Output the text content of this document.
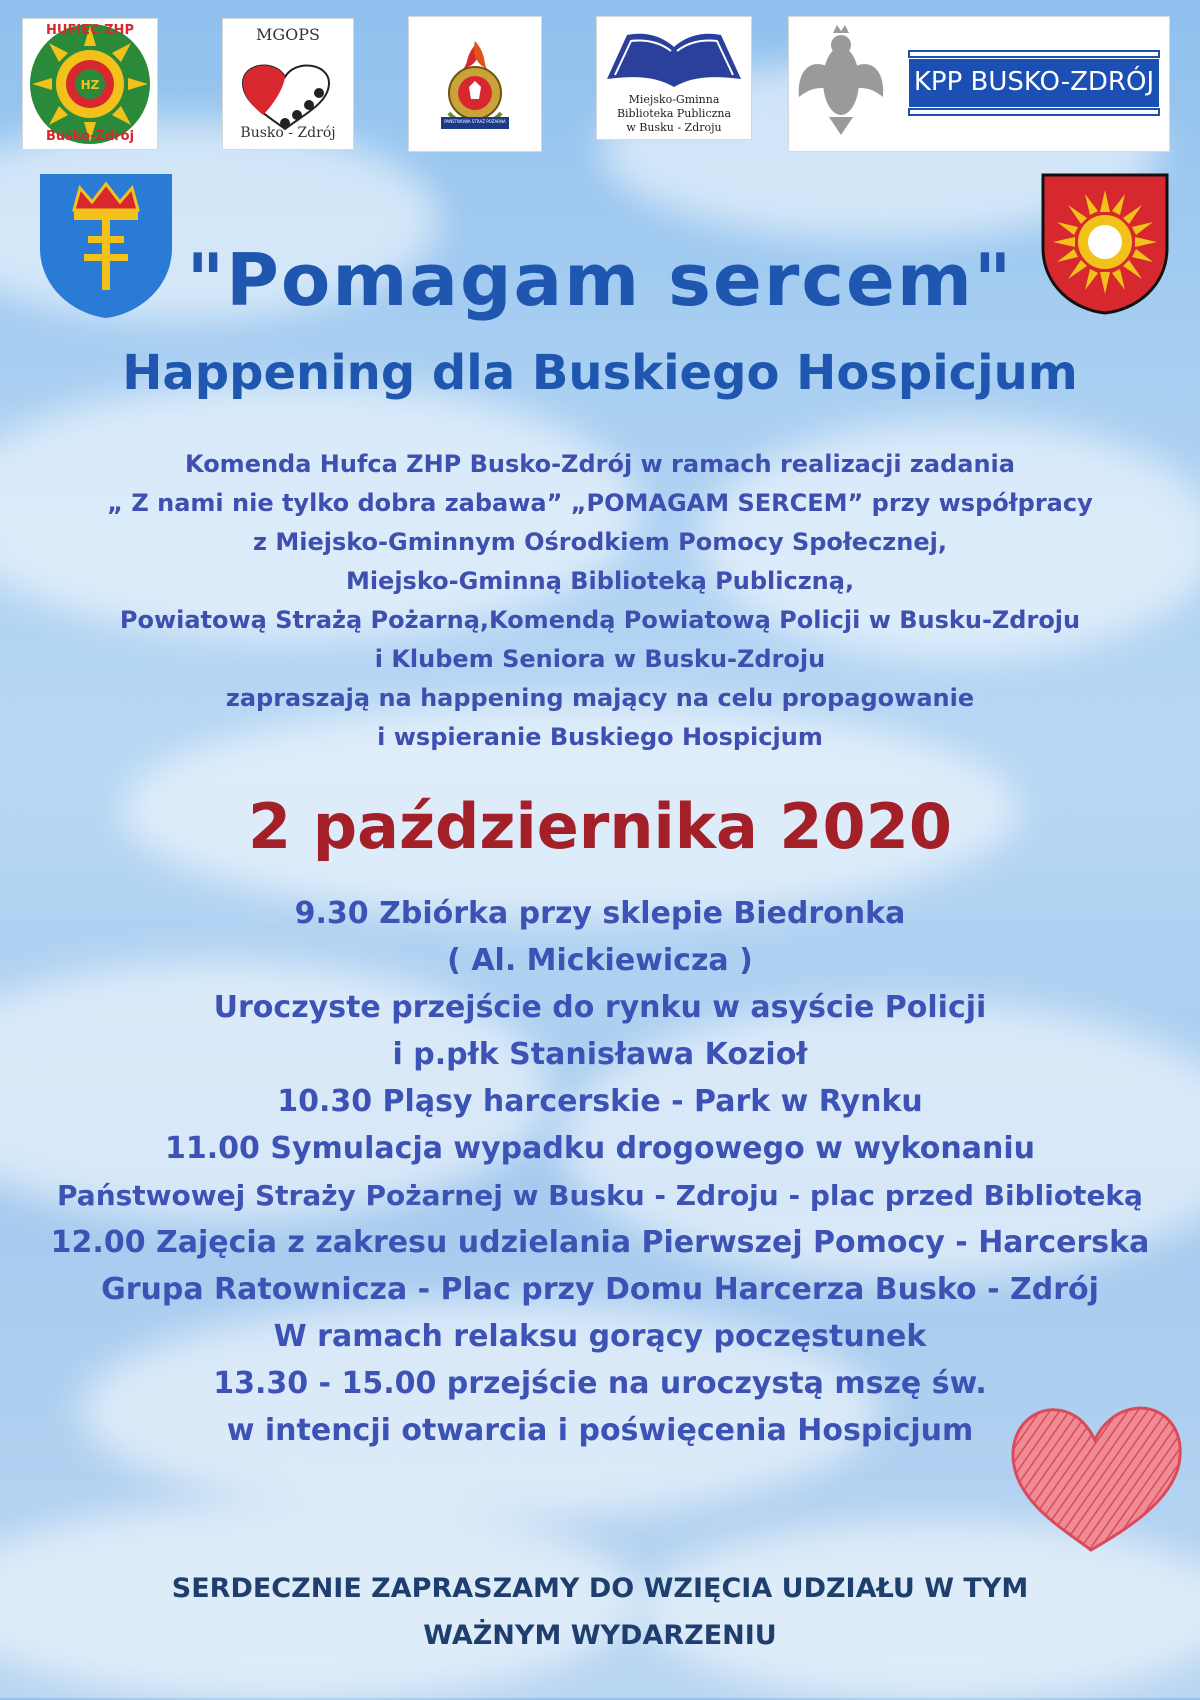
HZ
HUFIEC ZHP
Busko-Zdrój
MGOPS
Busko - Zdrój
PAŃSTWOWA STRAŻ POŻARNA
Miejsko-Gminna
Biblioteka Publiczna
w Busku - Zdroju
KPP BUSKO-ZDRÓJ
"Pomagam sercem"
Happening dla Buskiego Hospicjum
Komenda Hufca ZHP Busko-Zdrój w ramach realizacji zadania
„ Z nami nie tylko dobra zabawa” „POMAGAM SERCEM” przy współpracy
z Miejsko-Gminnym Ośrodkiem Pomocy Społecznej,
Miejsko-Gminną Biblioteką Publiczną,
Powiatową Strażą Pożarną,Komendą Powiatową Policji w Busku-Zdroju
i Klubem Seniora w Busku-Zdroju
zapraszają na happening mający na celu propagowanie
i wspieranie Buskiego Hospicjum
2 października 2020
9.30 Zbiórka przy sklepie Biedronka
( Al. Mickiewicza )
Uroczyste przejście do rynku w asyście Policji
i p.płk Stanisława Kozioł
10.30 Pląsy harcerskie - Park w Rynku
11.00 Symulacja wypadku drogowego w wykonaniu
Państwowej Straży Pożarnej w Busku - Zdroju - plac przed Biblioteką
12.00 Zajęcia z zakresu udzielania Pierwszej Pomocy - Harcerska
Grupa Ratownicza - Plac przy Domu Harcerza Busko - Zdrój
W ramach relaksu gorący poczęstunek
13.30 - 15.00 przejście na uroczystą mszę św.
w intencji otwarcia i poświęcenia Hospicjum
SERDECZNIE ZAPRASZAMY DO WZIĘCIA UDZIAŁU W TYM
WAŻNYM WYDARZENIU
